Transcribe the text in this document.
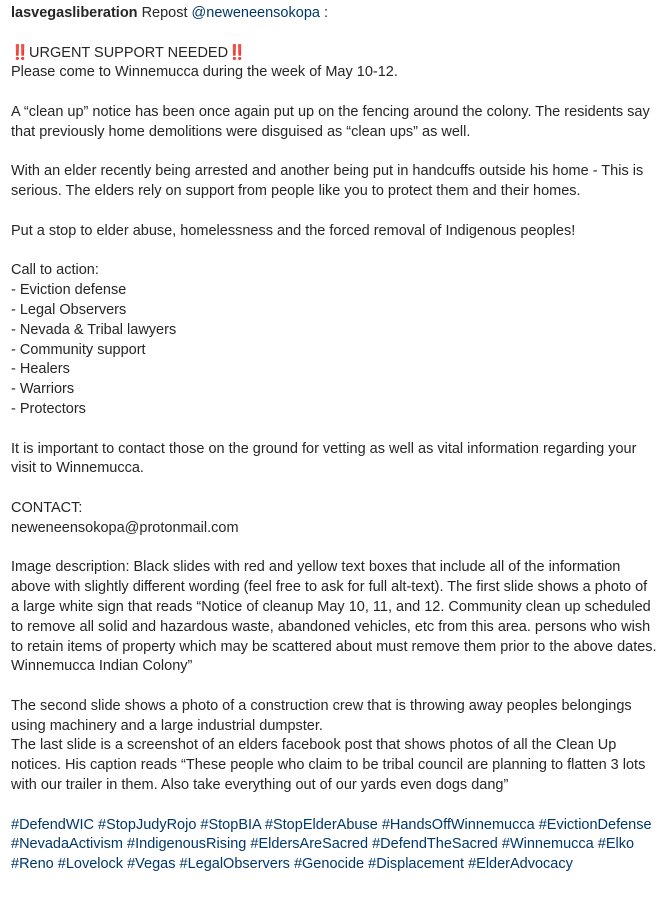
lasvegasliberation Repost @neweneensokopa :

‼️URGENT SUPPORT NEEDED‼️

Please come to Winnemucca during the week of May 10-12.

A “clean up” notice has been once again put up on the fencing around the colony. The residents say that previously home demolitions were disguised as “clean ups” as well.

With an elder recently being arrested and another being put in handcuffs outside his home - This is serious. The elders rely on support from people like you to protect them and their homes.

Put a stop to elder abuse, homelessness and the forced removal of Indigenous peoples!

Call to action:

- Eviction defense

- Legal Observers

- Nevada & Tribal lawyers

- Community support

- Healers

- Warriors

- Protectors

It is important to contact those on the ground for vetting as well as vital information regarding your visit to Winnemucca.

CONTACT:

neweneensokopa@protonmail.com

Image description: Black slides with red and yellow text boxes that include all of the information above with slightly different wording (feel free to ask for full alt-text). The first slide shows a photo of a large white sign that reads “Notice of cleanup May 10, 11, and 12. Community clean up scheduled to remove all solid and hazardous waste, abandoned vehicles, etc from this area. persons who wish to retain items of property which may be scattered about must remove them prior to the above dates. Winnemucca Indian Colony”

The second slide shows a photo of a construction crew that is throwing away peoples belongings using machinery and a large industrial dumpster.

The last slide is a screenshot of an elders facebook post that shows photos of all the Clean Up notices. His caption reads “These people who claim to be tribal council are planning to flatten 3 lots with our trailer in them. Also take everything out of our yards even dogs dang”

#DefendWIC #StopJudyRojo #StopBIA #StopElderAbuse #HandsOffWinnemucca #EvictionDefense #NevadaActivism #IndigenousRising #EldersAreSacred #DefendTheSacred #Winnemucca #Elko #Reno #Lovelock #Vegas #LegalObservers #Genocide #Displacement #ElderAdvocacy
